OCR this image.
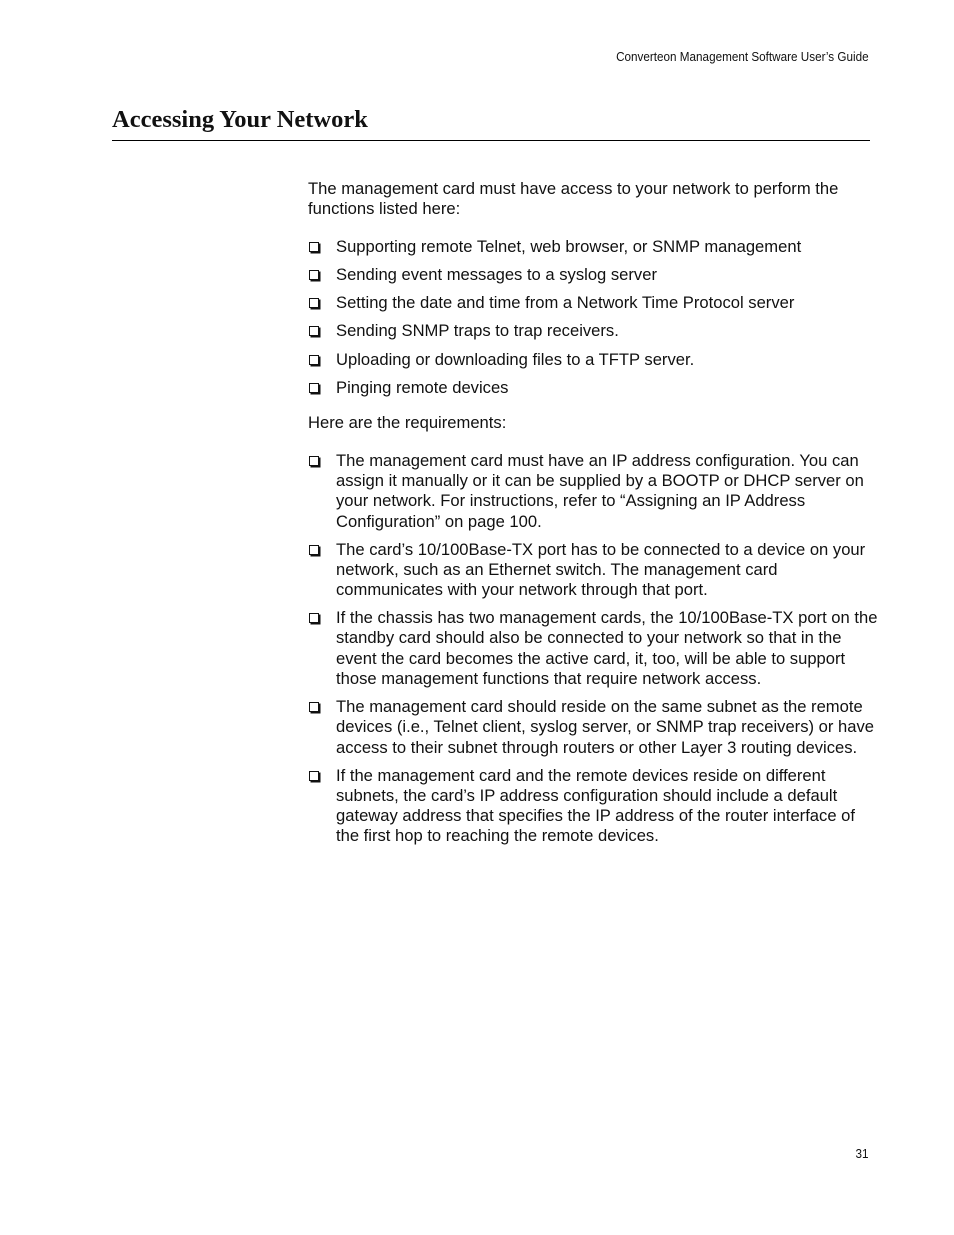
Converteon Management Software User’s Guide
Accessing Your Network

The management card must have access to your network to perform the functions listed here:

Supporting remote Telnet, web browser, or SNMP management
Sending event messages to a syslog server
Setting the date and time from a Network Time Protocol server
Sending SNMP traps to trap receivers.
Uploading or downloading files to a TFTP server.
Pinging remote devices

Here are the requirements:

The management card must have an IP address configuration. You can assign it manually or it can be supplied by a BOOTP or DHCP server on your network. For instructions, refer to “Assigning an IP Address Configuration” on page 100.
The card’s 10/100Base-TX port has to be connected to a device on your network, such as an Ethernet switch. The management card communicates with your network through that port.
If the chassis has two management cards, the 10/100Base-TX port on the standby card should also be connected to your network so that in the event the card becomes the active card, it, too, will be able to support those management functions that require network access.
The management card should reside on the same subnet as the remote devices (i.e., Telnet client, syslog server, or SNMP trap receivers) or have access to their subnet through routers or other Layer 3 routing devices.
If the management card and the remote devices reside on different subnets, the card’s IP address configuration should include a default gateway address that specifies the IP address of the router interface of the first hop to reaching the remote devices.
31
